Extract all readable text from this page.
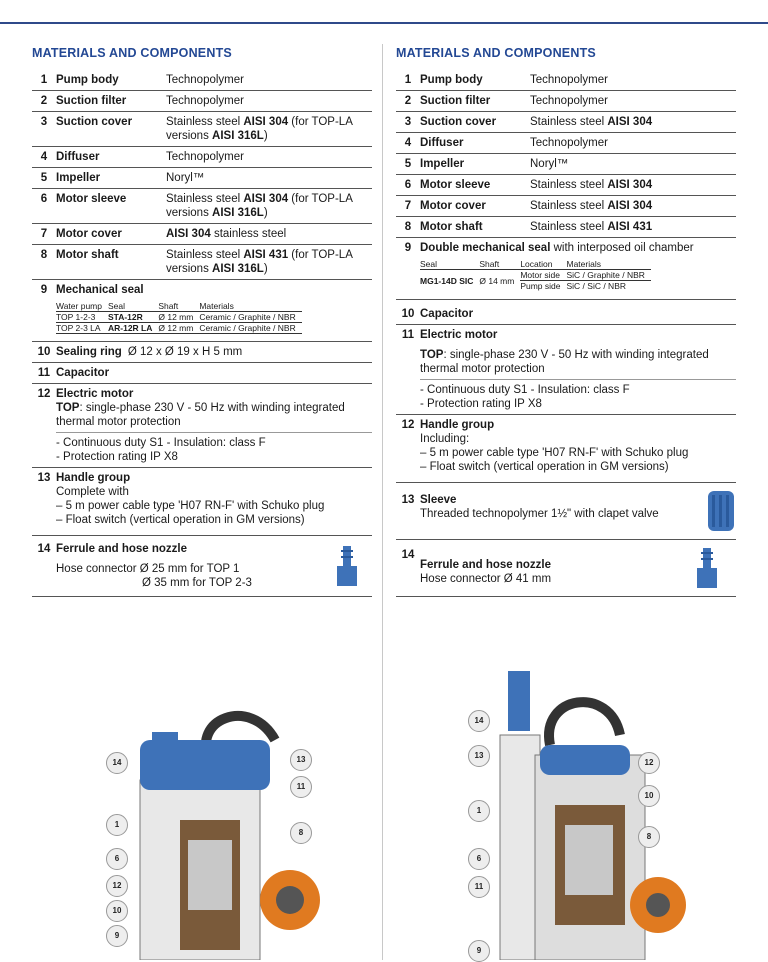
MATERIALS AND COMPONENTS
1 Pump body	Technopolymer
2 Suction filter	Technopolymer
3 Suction cover	Stainless steel AISI 304 (for TOP-LA versions AISI 316L)
4 Diffuser	Technopolymer
5 Impeller	Noryl™
6 Motor sleeve	Stainless steel AISI 304 (for TOP-LA versions AISI 316L)
7 Motor cover	AISI 304 stainless steel
8 Motor shaft	Stainless steel AISI 431 (for TOP-LA versions AISI 316L)
9 Mechanical seal
Water pump	Seal	Shaft	Materials
TOP 1-2-3	STA-12R	Ø 12 mm	Ceramic / Graphite / NBR
TOP 2-3 LA	AR-12R LA	Ø 12 mm	Ceramic / Graphite / NBR
10 Sealing ring Ø 12 x Ø 19 x H 5 mm
11 Capacitor
12 Electric motor
TOP: single-phase 230 V - 50 Hz with winding integrated thermal motor protection
- Continuous duty S1 - Insulation: class F
- Protection rating IP X8
13 Handle group
Complete with
– 5 m power cable type 'H07 RN-F' with Schuko plug
– Float switch (vertical operation in GM versions)
14 Ferrule and hose nozzle
Hose connector Ø 25 mm for TOP 1
Ø 35 mm for TOP 2-3
MATERIALS AND COMPONENTS
1 Pump body	Technopolymer
2 Suction filter	Technopolymer
3 Suction cover	Stainless steel AISI 304
4 Diffuser	Technopolymer
5 Impeller	Noryl™
6 Motor sleeve	Stainless steel AISI 304
7 Motor cover	Stainless steel AISI 304
8 Motor shaft	Stainless steel AISI 431
9 Double mechanical seal with interposed oil chamber
Seal	Shaft	Location	Materials
MG1-14D SIC	Ø 14 mm	Motor side	SiC / Graphite / NBR
		Pump side	SiC / SiC / NBR
10 Capacitor
11 Electric motor
TOP: single-phase 230 V - 50 Hz with winding integrated thermal motor protection
- Continuous duty S1 - Insulation: class F
- Protection rating IP X8
12 Handle group
Including:
– 5 m power cable type 'H07 RN-F' with Schuko plug
– Float switch (vertical operation in GM versions)
13 Sleeve
Threaded technopolymer 1½" with clapet valve
14
Ferrule and hose nozzle
Hose connector Ø 41 mm
14	13
11
1
8
6
12
10
9
14
13
12
10
1
8
6
11
9
